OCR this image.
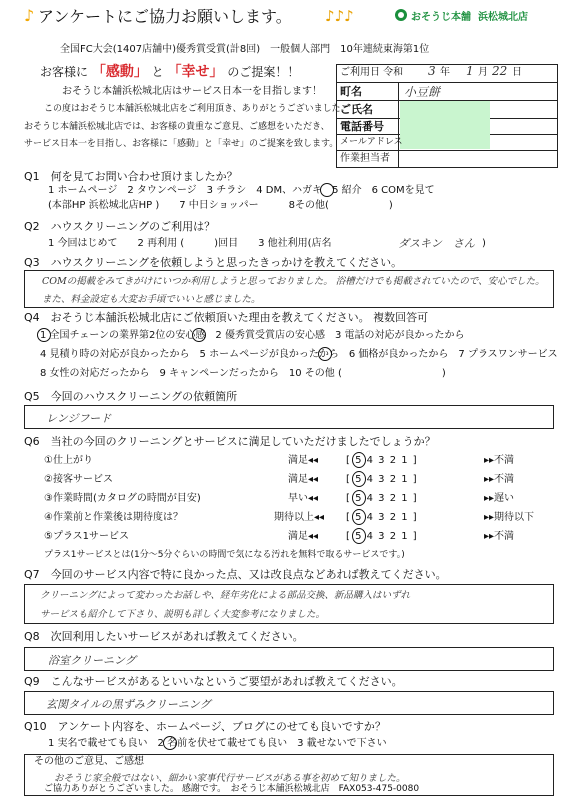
♪ アンケートにご協力お願いします。 ♪♪♪	おそうじ本舗 浜松城北店
全国FC大会(1407店舗中)優秀賞受賞(計8回)　一般個人部門　10年連続東海第1位
お客様に 「感動」 と 「幸せ」 のご提案！！
おそうじ本舗浜松城北店はサービス日本一を目指します！
この度はおそうじ本舗浜松城北店をご利用頂き、ありがとうございました。
おそうじ本舗浜松城北店では、お客様の貴重なご意見、ご感想をいただき、
サービス日本一を目指し、お客様に「感動」と「幸せ」のご提案を致します。
ご利用日 令和 3 年 1 月 22 日
町名	小豆餅
ご氏名
電話番号
メールアドレス
作業担当者
Q1　何を見てお問い合わせ頂けましたか？
1 ホームページ　2 タウンページ　3 チラシ　4 DM、ハガキ　5 紹介　6 COMを見て
(本部HP 浜松城北店HP )　　7 中日ショッパー　　　8その他(　　　　　　)
Q2　ハウスクリーニングのご利用は？
1 今回はじめて　　2 再利用 (　　　)回目　　3 他社利用(店名	ダスキン　さん )
Q3　ハウスクリーニングを依頼しようと思ったきっかけを教えてください。
COMの掲載をみてきがけにいつか利用しようと思っておりました。 浴槽だけでも掲載されていたので、安心でした。
また、料金設定も大変お手頃でいいと感じました。
Q4　おそうじ本舗浜松城北店にご依頼頂いた理由を教えてください。 複数回答可
1 全国チェーンの業界第2位の安心感　2 優秀賞受賞店の安心感　3 電話の対応が良かったから
4 見積り時の対応が良かったから　5 ホームページが良かったから　6 価格が良かったから　7 プラスワンサービス
8 女性の対応だったから　9 キャンペーンだったから　10 その他 (　　　　　　　　　　)
Q5　今回のハウスクリーニングの依頼箇所
レンジフード
Q6　当社の今回のクリーニングとサービスに満足していただけましたでしょうか？
①仕上がり	満足◂◂	[ 5 4 3 2 1 ]	▸▸不満
②接客サービス	満足◂◂	[ 5 4 3 2 1 ]	▸▸不満
③作業時間(カタログの時間が目安)	早い◂◂	[ 5 4 3 2 1 ]	▸▸遅い
④作業前と作業後は期待度は？	期待以上◂◂ [ 5 4 3 2 1 ]	▸▸期待以下
⑤プラス1サービス	満足◂◂	[ 5 4 3 2 1 ]	▸▸不満
プラス1サービスとは(1分～5分ぐらいの時間で気になる汚れを無料で取るサービスです。)
Q7　今回のサービス内容で特に良かった点、又は改良点などあれば教えてください。
クリーニングによって変わったお話しや、経年劣化による部品交換、新品購入はいずれ
サービスも紹介して下さり、説明も詳しく大変参考になりました。
Q8　次回利用したいサービスがあれば教えてください。
浴室クリーニング
Q9　こんなサービスがあるといいなというご要望があれば教えてください。
玄関タイルの黒ずみクリーニング
Q10　アンケート内容を、ホームページ、ブログにのせても良いですか？
1 実名で載せても良い　2 名前を伏せて載せても良い　3 載せないで下さい
その他のご意見、ご感想
おそうじ家全般ではない、細かい家事代行サービスがある事を初めて知りました。
ご協力ありがとうございました。 感謝です。　おそうじ本舗浜松城北店　FAX053-475-0080
